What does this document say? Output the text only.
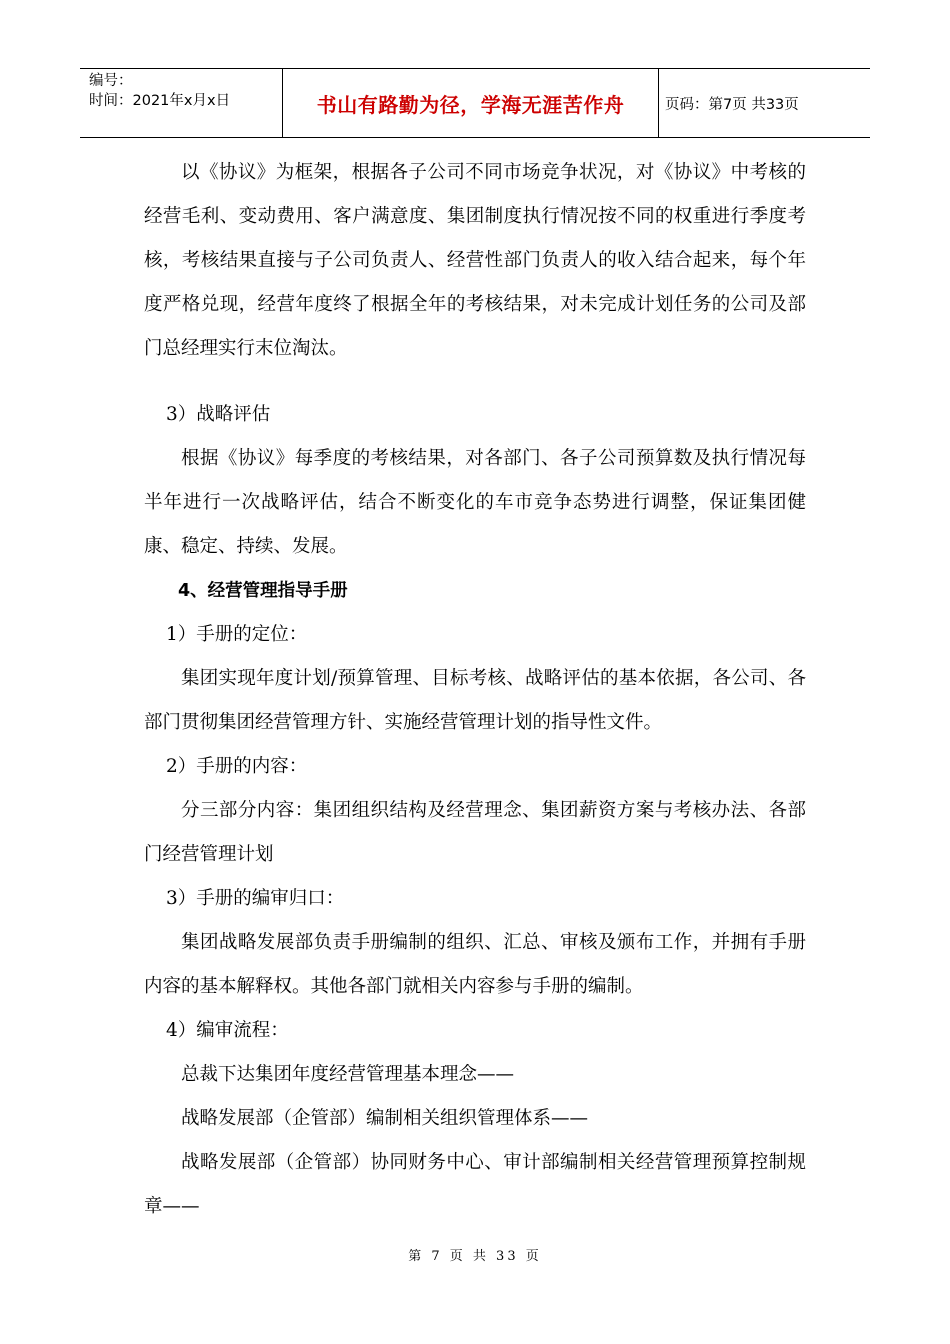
编号：
时间：2021年x月x日	书山有路勤为径，学海无涯苦作舟	页码：第7页 共33页

以《协议》为框架，根据各子公司不同市场竞争状况，对《协议》中考核的经营毛利、变动费用、客户满意度、集团制度执行情况按不同的权重进行季度考核，考核结果直接与子公司负责人、经营性部门负责人的收入结合起来，每个年度严格兑现，经营年度终了根据全年的考核结果，对未完成计划任务的公司及部门总经理实行末位淘汰。

3）战略评估

根据《协议》每季度的考核结果，对各部门、各子公司预算数及执行情况每半年进行一次战略评估，结合不断变化的车市竞争态势进行调整，保证集团健康、稳定、持续、发展。

4、经营管理指导手册

1）手册的定位：

集团实现年度计划/预算管理、目标考核、战略评估的基本依据，各公司、各部门贯彻集团经营管理方针、实施经营管理计划的指导性文件。

2）手册的内容：

分三部分内容：集团组织结构及经营理念、集团薪资方案与考核办法、各部门经营管理计划

3）手册的编审归口：

集团战略发展部负责手册编制的组织、汇总、审核及颁布工作，并拥有手册内容的基本解释权。其他各部门就相关内容参与手册的编制。

4）编审流程：

总裁下达集团年度经营管理基本理念——

战略发展部（企管部）编制相关组织管理体系——

战略发展部（企管部）协同财务中心、审计部编制相关经营管理预算控制规章——

第 7 页 共 33 页
